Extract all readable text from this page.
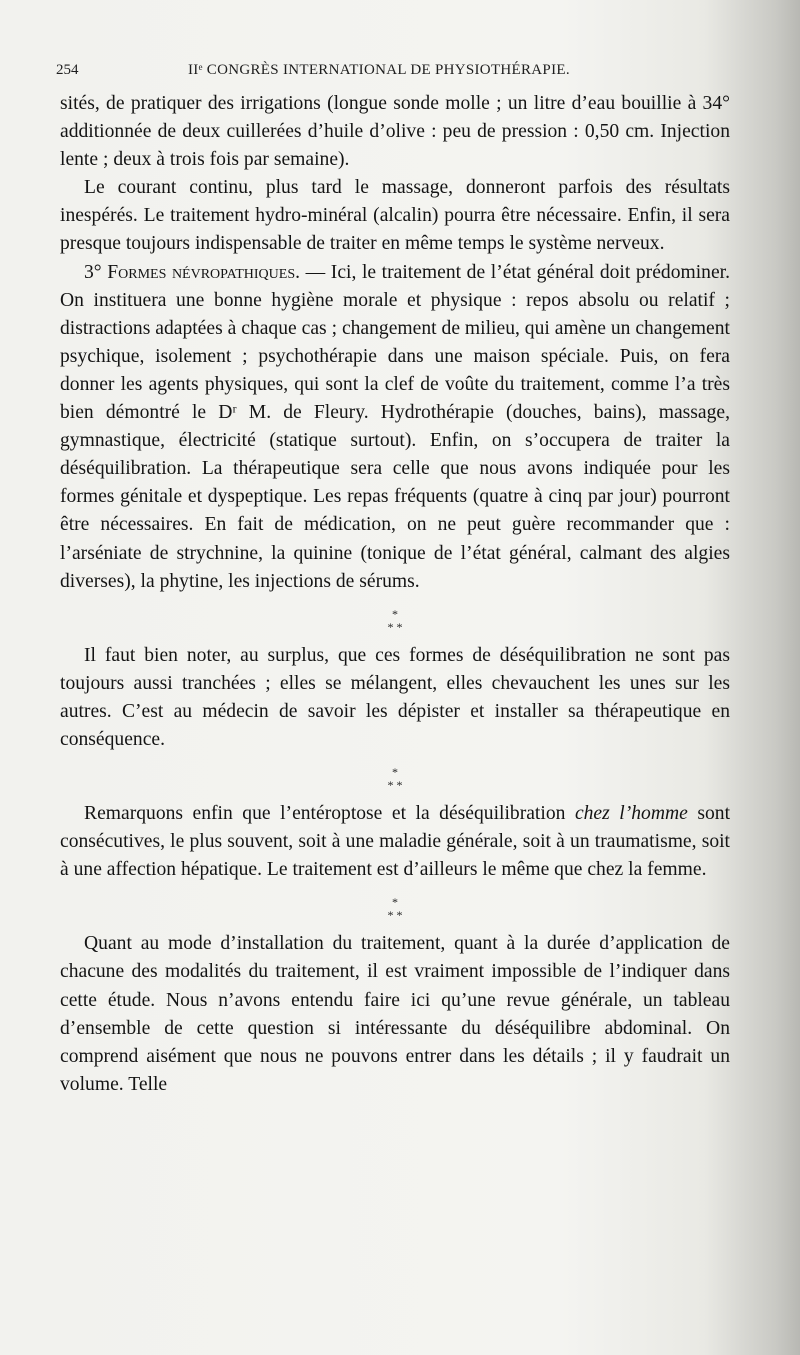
254	IIᵉ CONGRÈS INTERNATIONAL DE PHYSIOTHÉRAPIE.

sités, de pratiquer des irrigations (longue sonde molle ; un litre d’eau bouillie à 34° additionnée de deux cuillerées d’huile d’olive : peu de pression : 0,50 cm. Injection lente ; deux à trois fois par semaine).

Le courant continu, plus tard le massage, donneront parfois des résultats inespérés. Le traitement hydro-minéral (alcalin) pourra être nécessaire. Enfin, il sera presque toujours indispensable de traiter en même temps le système nerveux.

3° Formes névropathiques. — Ici, le traitement de l’état général doit prédominer. On instituera une bonne hygiène morale et physique : repos absolu ou relatif ; distractions adaptées à chaque cas ; changement de milieu, qui amène un changement psychique, isolement ; psychothérapie dans une maison spéciale. Puis, on fera donner les agents physiques, qui sont la clef de voûte du traitement, comme l’a très bien démontré le Dʳ M. de Fleury. Hydrothérapie (douches, bains), massage, gymnastique, électricité (statique surtout). Enfin, on s’occupera de traiter la déséquilibration. La thérapeutique sera celle que nous avons indiquée pour les formes génitale et dyspeptique. Les repas fréquents (quatre à cinq par jour) pourront être nécessaires. En fait de médication, on ne peut guère recommander que : l’arséniate de strychnine, la quinine (tonique de l’état général, calmant des algies diverses), la phytine, les injections de sérums.

*
* *

Il faut bien noter, au surplus, que ces formes de déséquilibration ne sont pas toujours aussi tranchées ; elles se mélangent, elles chevauchent les unes sur les autres. C’est au médecin de savoir les dépister et installer sa thérapeutique en conséquence.

*
* *

Remarquons enfin que l’entéroptose et la déséquilibration chez l’homme sont consécutives, le plus souvent, soit à une maladie générale, soit à un traumatisme, soit à une affection hépatique. Le traitement est d’ailleurs le même que chez la femme.

*
* *

Quant au mode d’installation du traitement, quant à la durée d’application de chacune des modalités du traitement, il est vraiment impossible de l’indiquer dans cette étude. Nous n’avons entendu faire ici qu’une revue générale, un tableau d’ensemble de cette question si intéressante du déséquilibre abdominal. On comprend aisément que nous ne pouvons entrer dans les détails ; il y faudrait un volume. Telle
